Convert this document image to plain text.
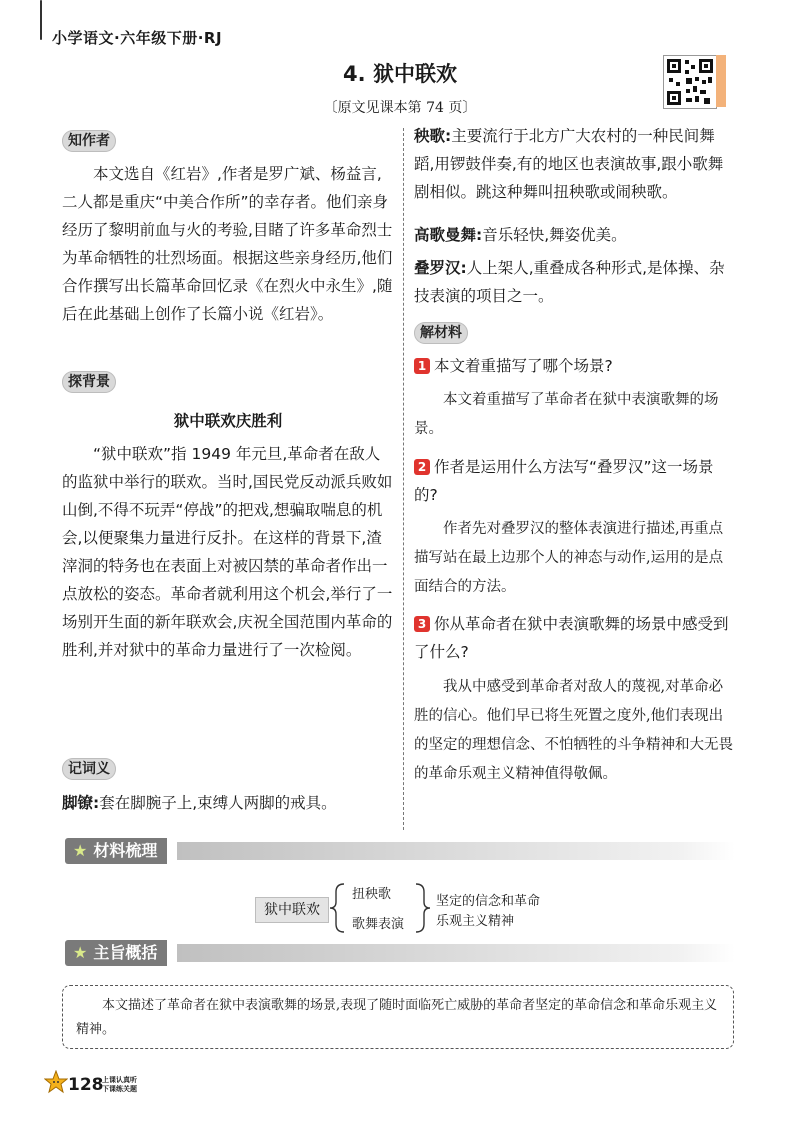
小学语文·六年级下册·RJ
4. 狱中联欢
〔原文见课本第 74 页〕
知作者

本文选自《红岩》,作者是罗广斌、杨益言,二人都是重庆“中美合作所”的幸存者。他们亲身经历了黎明前血与火的考验,目睹了许多革命烈士为革命牺牲的壮烈场面。根据这些亲身经历,他们合作撰写出长篇革命回忆录《在烈火中永生》,随后在此基础上创作了长篇小说《红岩》。

探背景
狱中联欢庆胜利

“狱中联欢”指 1949 年元旦,革命者在敌人的监狱中举行的联欢。当时,国民党反动派兵败如山倒,不得不玩弄“停战”的把戏,想骗取喘息的机会,以便聚集力量进行反扑。在这样的背景下,渣滓洞的特务也在表面上对被囚禁的革命者作出一点放松的姿态。革命者就利用这个机会,举行了一场别开生面的新年联欢会,庆祝全国范围内革命的胜利,并对狱中的革命力量进行了一次检阅。

记词义
脚镣:套在脚腕子上,束缚人两脚的戒具。
秧歌:主要流行于北方广大农村的一种民间舞蹈,用锣鼓伴奏,有的地区也表演故事,跟小歌舞剧相似。跳这种舞叫扭秧歌或闹秧歌。
高歌曼舞:音乐轻快,舞姿优美。
叠罗汉:人上架人,重叠成各种形式,是体操、杂技表演的项目之一。
解材料
1 本文着重描写了哪个场景?
本文着重描写了革命者在狱中表演歌舞的场景。
2 作者是运用什么方法写“叠罗汉”这一场景的?
作者先对叠罗汉的整体表演进行描述,再重点描写站在最上边那个人的神态与动作,运用的是点面结合的方法。
3 你从革命者在狱中表演歌舞的场景中感受到了什么?
我从中感受到革命者对敌人的蔑视,对革命必胜的信心。他们早已将生死置之度外,他们表现出的坚定的理想信念、不怕牺牲的斗争精神和大无畏的革命乐观主义精神值得敬佩。
★ 材料梳理
狱中联欢
扭秧歌
歌舞表演
坚定的信念和革命
乐观主义精神
★ 主旨概括
本文描述了革命者在狱中表演歌舞的场景,表现了随时面临死亡威胁的革命者坚定的革命信念和革命乐观主义精神。
128
上课认真听
下课练关题
